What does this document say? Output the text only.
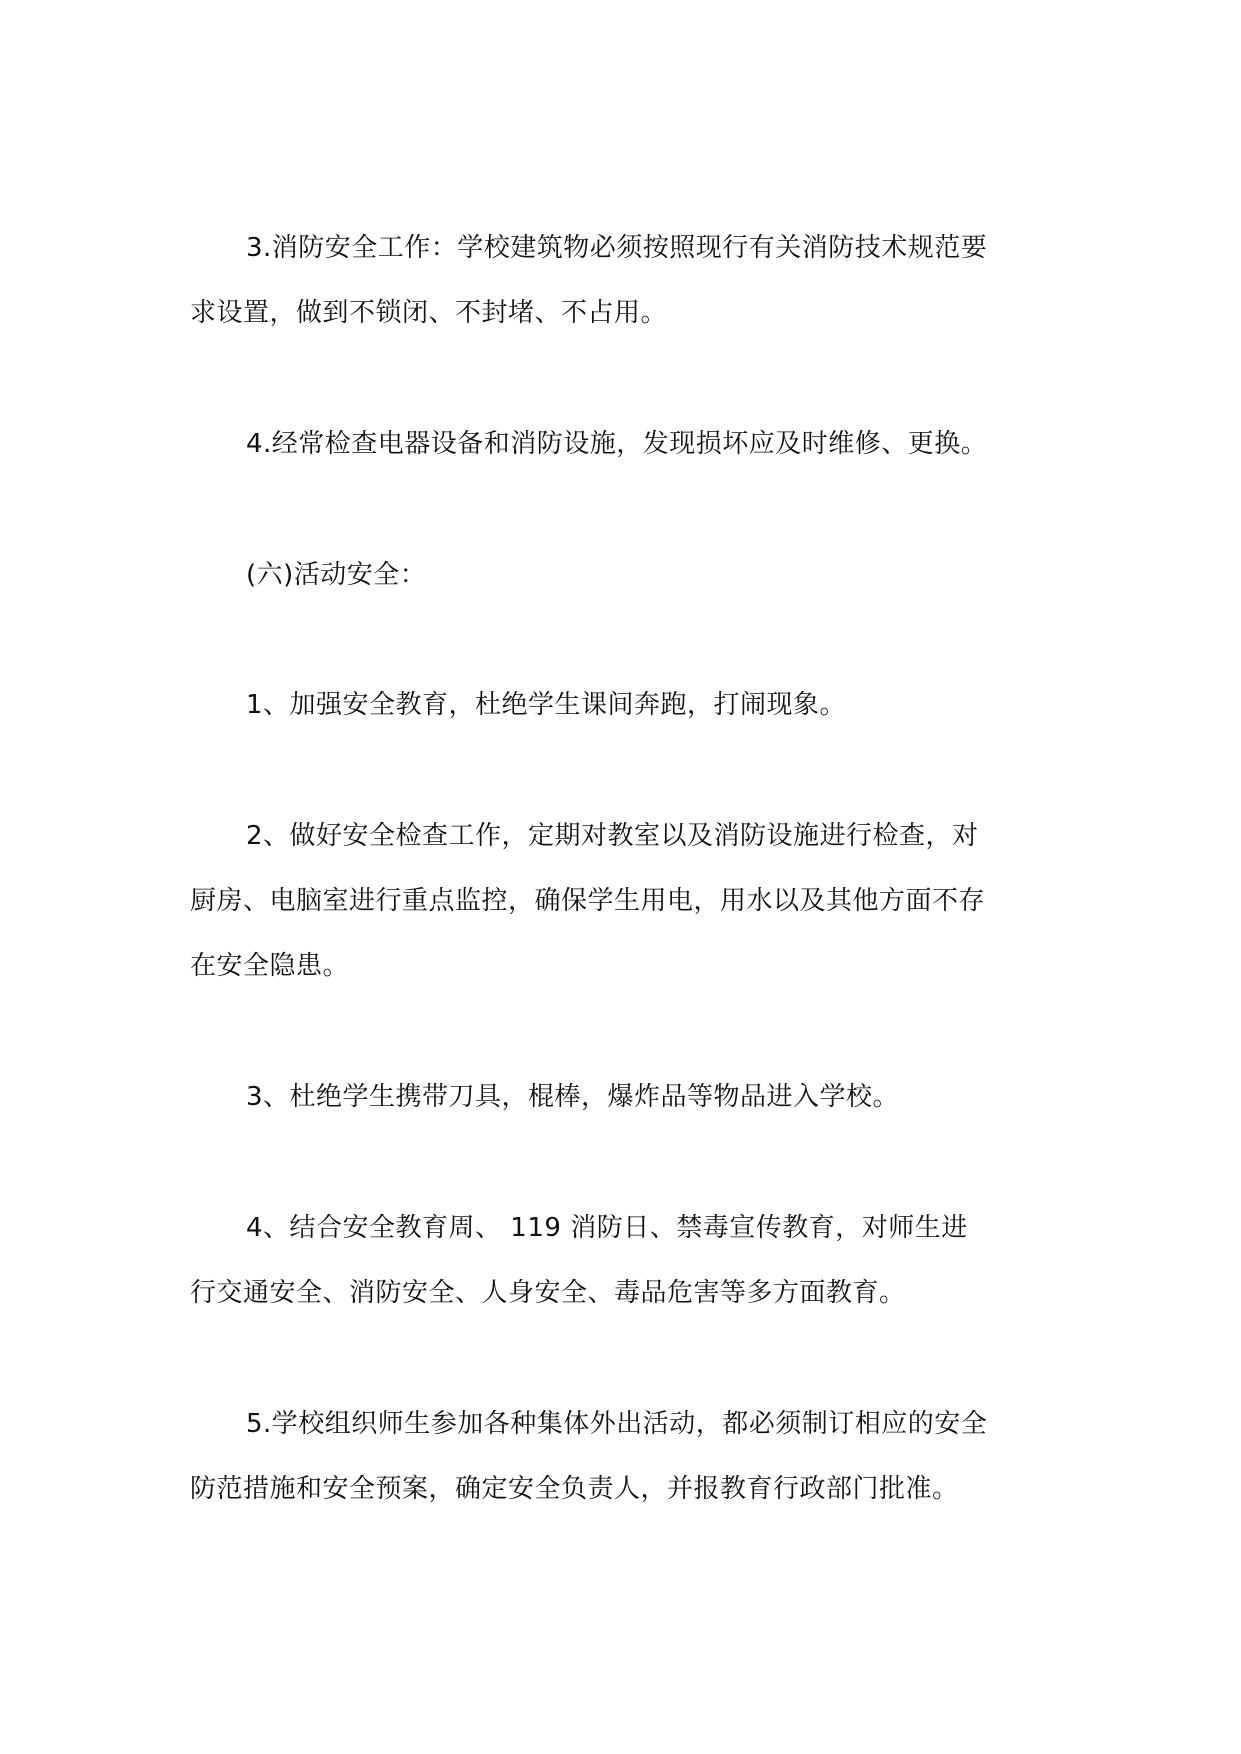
3.消防安全工作：学校建筑物必须按照现行有关消防技术规范要
求设置，做到不锁闭、不封堵、不占用。
4.经常检查电器设备和消防设施，发现损坏应及时维修、更换。
(六)活动安全：
1、加强安全教育，杜绝学生课间奔跑，打闹现象。
2、做好安全检查工作，定期对教室以及消防设施进行检查，对
厨房、电脑室进行重点监控，确保学生用电，用水以及其他方面不存
在安全隐患。
3、杜绝学生携带刀具，棍棒，爆炸品等物品进入学校。
4、结合安全教育周、 119 消防日、禁毒宣传教育，对师生进
行交通安全、消防安全、人身安全、毒品危害等多方面教育。
5.学校组织师生参加各种集体外出活动，都必须制订相应的安全
防范措施和安全预案，确定安全负责人，并报教育行政部门批准。
